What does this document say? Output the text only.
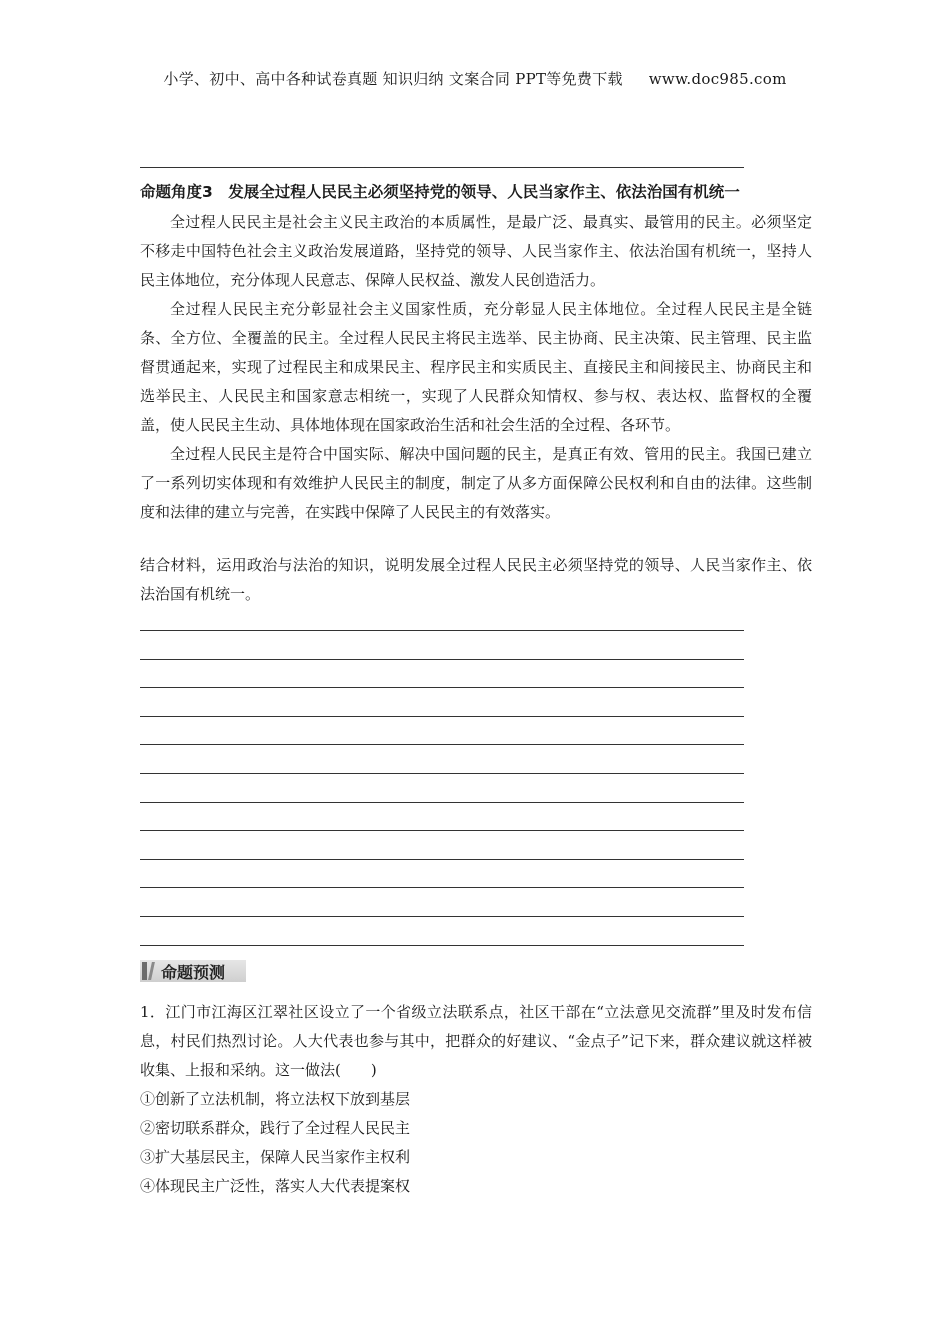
小学、初中、高中各种试卷真题 知识归纳 文案合同 PPT等免费下载 www.doc985.com
命题角度3　发展全过程人民民主必须坚持党的领导、人民当家作主、依法治国有机统一

全过程人民民主是社会主义民主政治的本质属性，是最广泛、最真实、最管用的民主。必须坚定不移走中国特色社会主义政治发展道路，坚持党的领导、人民当家作主、依法治国有机统一，坚持人民主体地位，充分体现人民意志、保障人民权益、激发人民创造活力。

全过程人民民主充分彰显社会主义国家性质，充分彰显人民主体地位。全过程人民民主是全链条、全方位、全覆盖的民主。全过程人民民主将民主选举、民主协商、民主决策、民主管理、民主监督贯通起来，实现了过程民主和成果民主、程序民主和实质民主、直接民主和间接民主、协商民主和选举民主、人民民主和国家意志相统一，实现了人民群众知情权、参与权、表达权、监督权的全覆盖，使人民民主生动、具体地体现在国家政治生活和社会生活的全过程、各环节。

全过程人民民主是符合中国实际、解决中国问题的民主，是真正有效、管用的民主。我国已建立了一系列切实体现和有效维护人民民主的制度，制定了从多方面保障公民权利和自由的法律。这些制度和法律的建立与完善，在实践中保障了人民民主的有效落实。

结合材料，运用政治与法治的知识，说明发展全过程人民民主必须坚持党的领导、人民当家作主、依法治国有机统一。

命题预测

1．江门市江海区江翠社区设立了一个省级立法联系点，社区干部在“立法意见交流群”里及时发布信息，村民们热烈讨论。人大代表也参与其中，把群众的好建议、“金点子”记下来，群众建议就这样被收集、上报和采纳。这一做法(　　)

①创新了立法机制，将立法权下放到基层

②密切联系群众，践行了全过程人民民主

③扩大基层民主，保障人民当家作主权利

④体现民主广泛性，落实人大代表提案权
